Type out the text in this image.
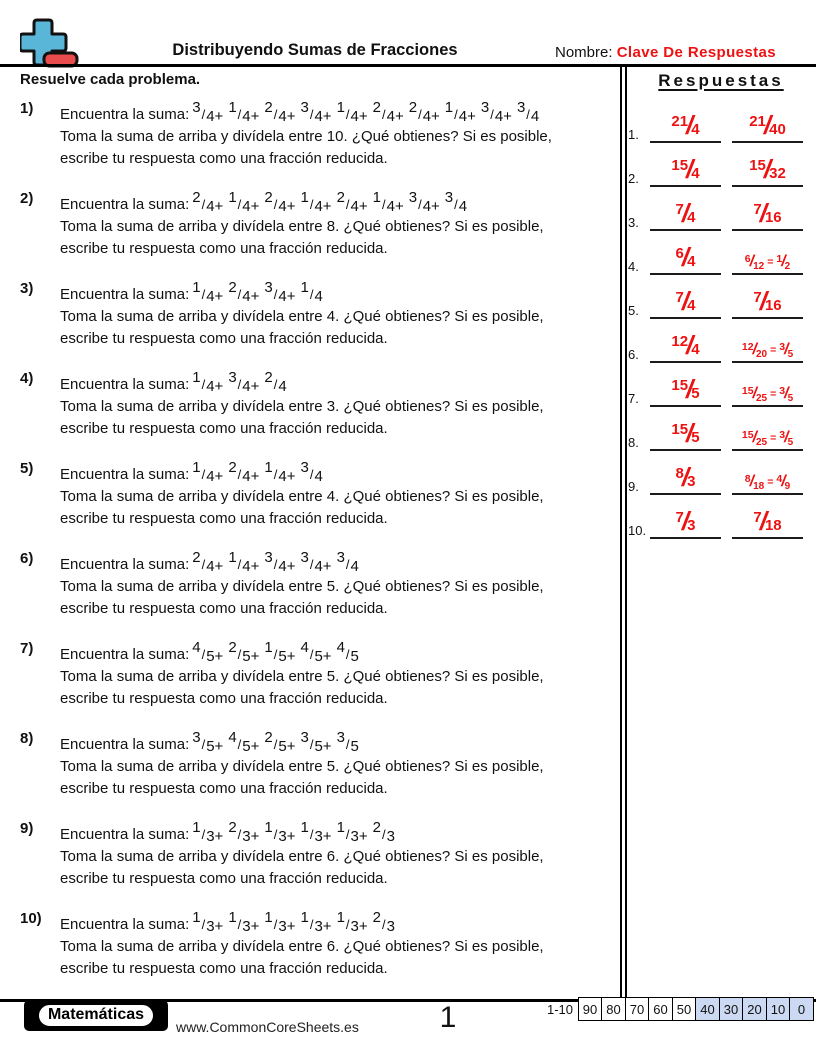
Distribuyendo Sumas de Fracciones	Nombre: Clave De Respuestas
Resuelve cada problema.
1)	Encuentra la suma: 3/4+1/4+2/4+3/4+1/4+2/4+2/4+1/4+3/4+3/4
Toma la suma de arriba y divídela entre 10. ¿Qué obtienes? Si es posible,
escribe tu respuesta como una fracción reducida.
2)	Encuentra la suma: 2/4+1/4+2/4+1/4+2/4+1/4+3/4+3/4
Toma la suma de arriba y divídela entre 8. ¿Qué obtienes? Si es posible,
escribe tu respuesta como una fracción reducida.
3)	Encuentra la suma: 1/4+2/4+3/4+1/4
Toma la suma de arriba y divídela entre 4. ¿Qué obtienes? Si es posible,
escribe tu respuesta como una fracción reducida.
4)	Encuentra la suma: 1/4+3/4+2/4
Toma la suma de arriba y divídela entre 3. ¿Qué obtienes? Si es posible,
escribe tu respuesta como una fracción reducida.
5)	Encuentra la suma: 1/4+2/4+1/4+3/4
Toma la suma de arriba y divídela entre 4. ¿Qué obtienes? Si es posible,
escribe tu respuesta como una fracción reducida.
6)	Encuentra la suma: 2/4+1/4+3/4+3/4+3/4
Toma la suma de arriba y divídela entre 5. ¿Qué obtienes? Si es posible,
escribe tu respuesta como una fracción reducida.
7)	Encuentra la suma: 4/5+2/5+1/5+4/5+4/5
Toma la suma de arriba y divídela entre 5. ¿Qué obtienes? Si es posible,
escribe tu respuesta como una fracción reducida.
8)	Encuentra la suma: 3/5+4/5+2/5+3/5+3/5
Toma la suma de arriba y divídela entre 5. ¿Qué obtienes? Si es posible,
escribe tu respuesta como una fracción reducida.
9)	Encuentra la suma: 1/3+2/3+1/3+1/3+1/3+2/3
Toma la suma de arriba y divídela entre 6. ¿Qué obtienes? Si es posible,
escribe tu respuesta como una fracción reducida.
10)	Encuentra la suma: 1/3+1/3+1/3+1/3+1/3+2/3
Toma la suma de arriba y divídela entre 6. ¿Qué obtienes? Si es posible,
escribe tu respuesta como una fracción reducida.
Respuestas
1.
21/4	21/40
2.
15/4	15/32
3.
7/4	7/16
4.
6/4	6/12 = 1/2
5.
7/4	7/16
6.
12/4	12/20 = 3/5
7.
15/5	15/25 = 3/5
8.
15/5	15/25 = 3/5
9.
8/3	8/18 = 4/9
10.
7/3	7/18
Matemáticas
www.CommonCoreSheets.es	1	1-10 90 80 70 60 50 40 30 20 10 0
